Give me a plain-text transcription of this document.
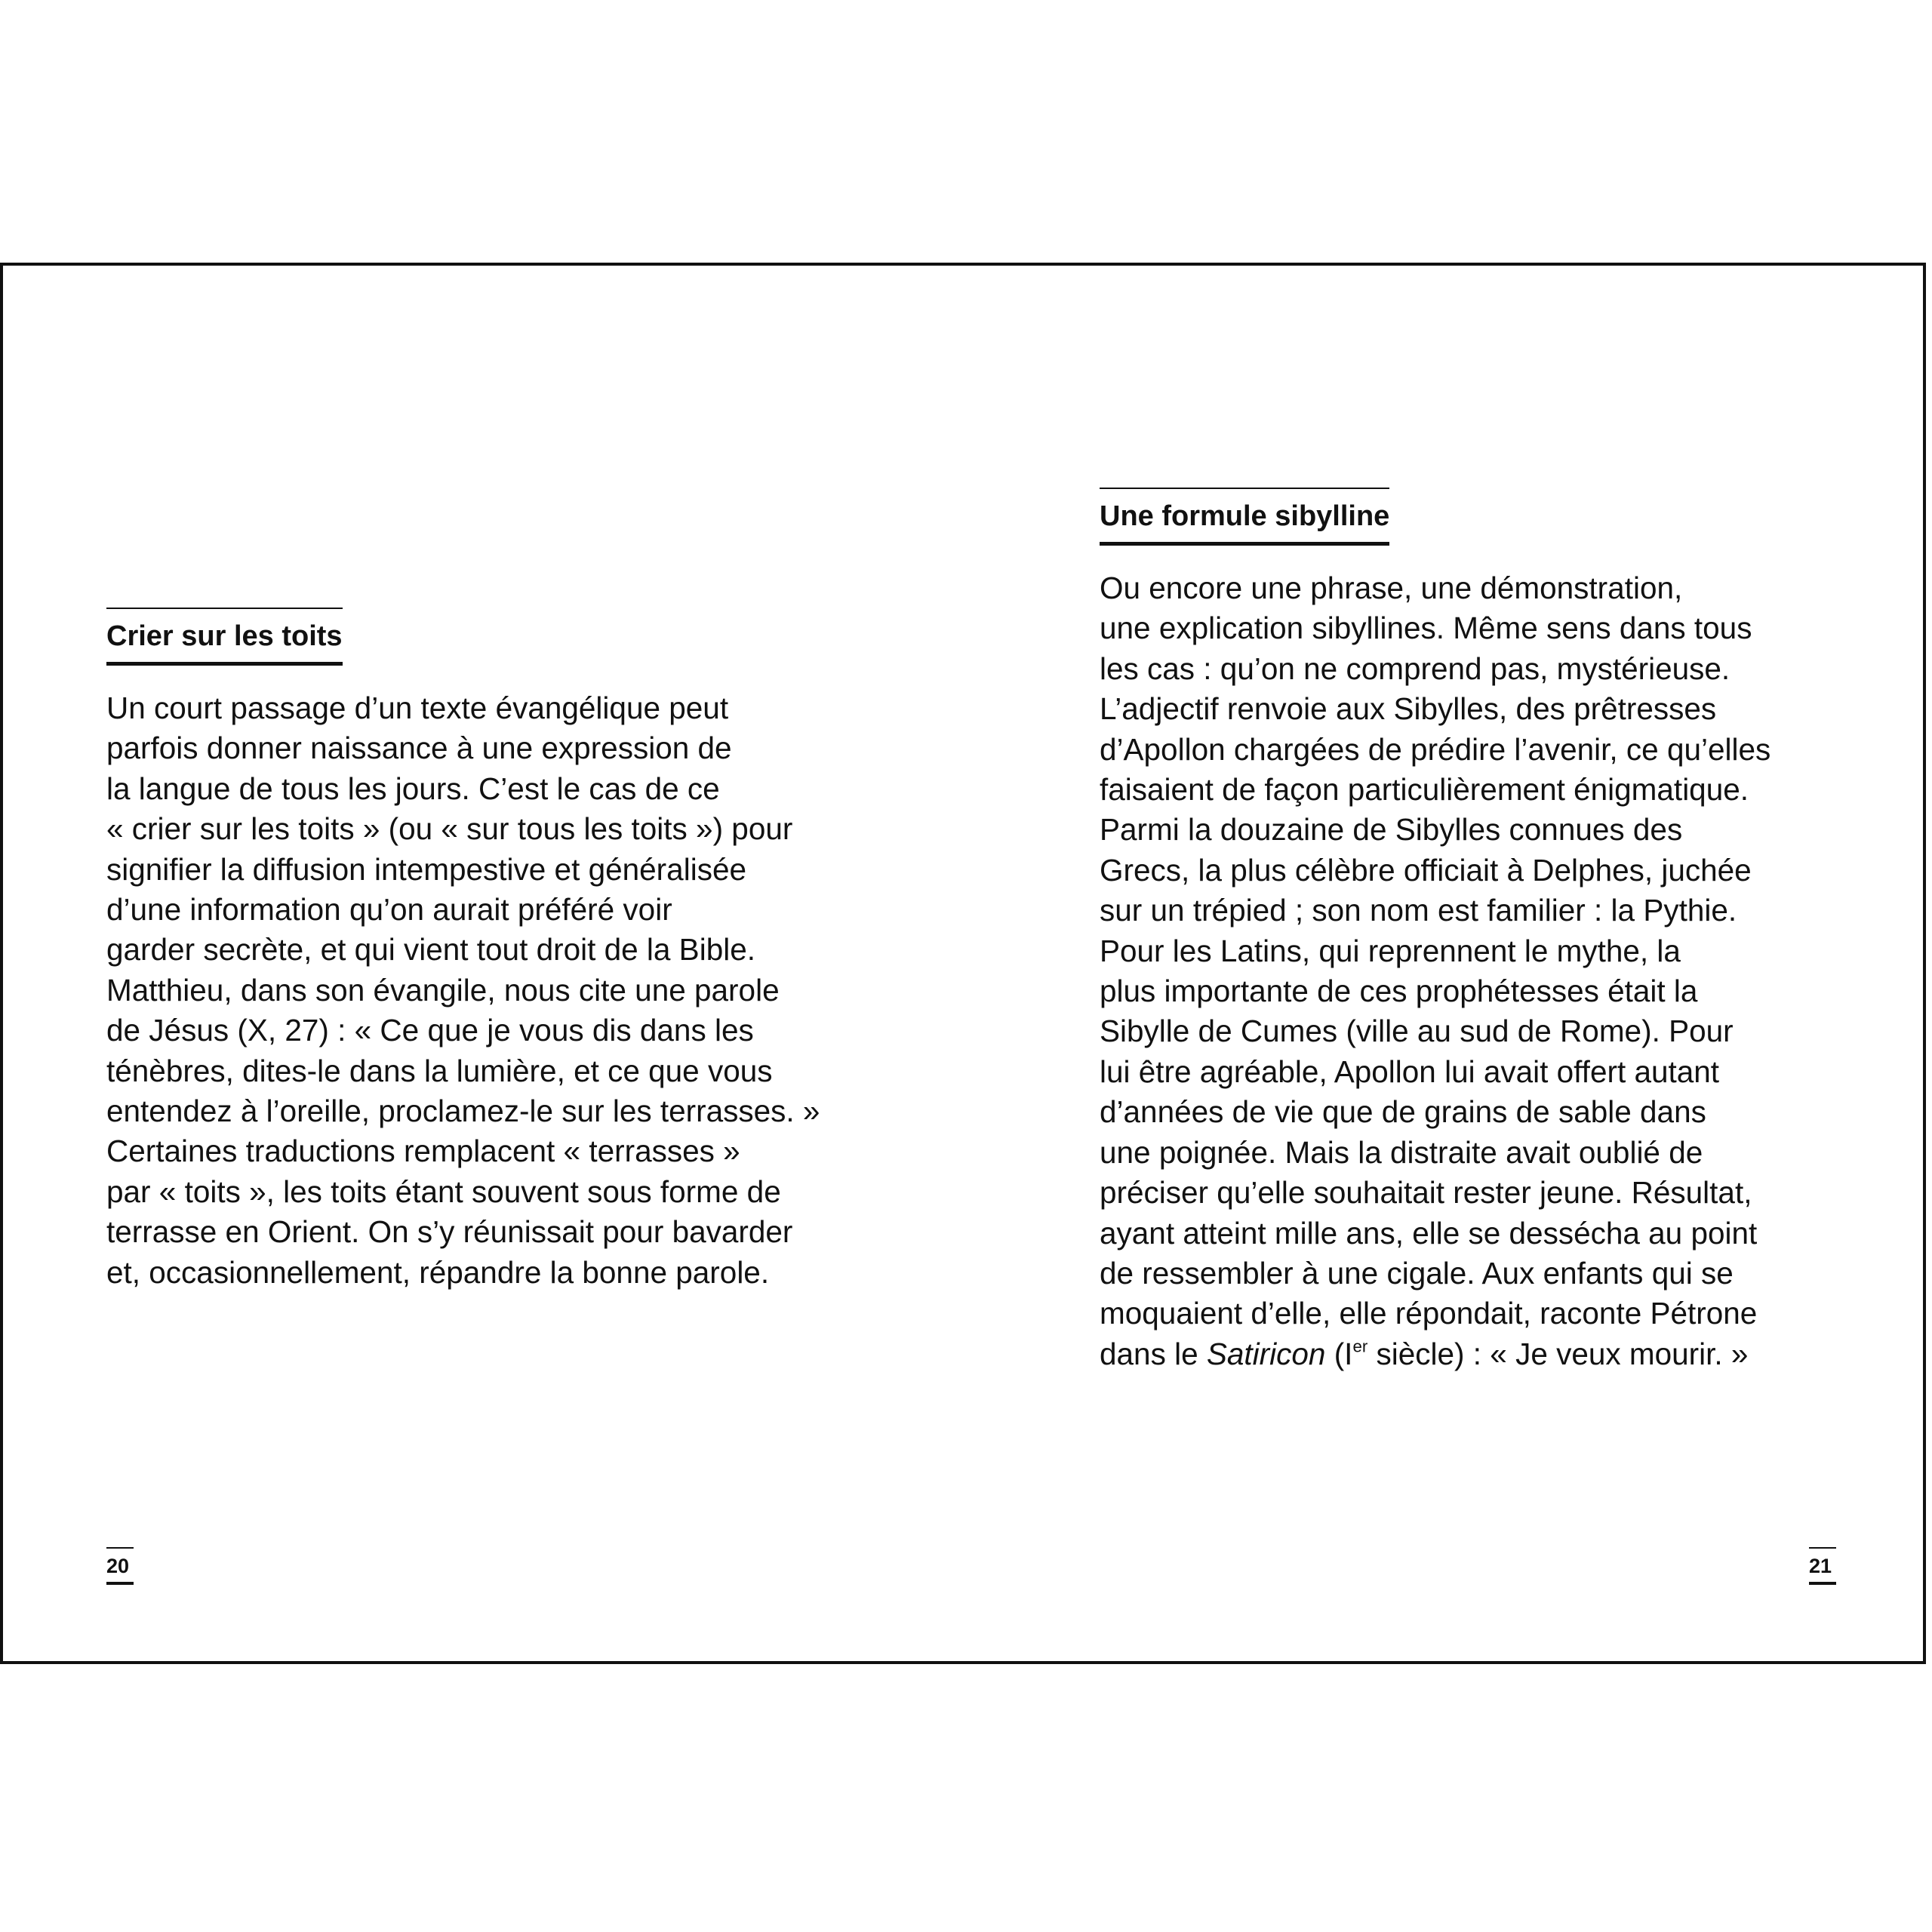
Crier sur les toits
Un court passage d’un texte évangélique peut
parfois donner naissance à une expression de
la langue de tous les jours. C’est le cas de ce
« crier sur les toits » (ou « sur tous les toits ») pour
signifier la diffusion intempestive et généralisée
d’une information qu’on aurait préféré voir
garder secrète, et qui vient tout droit de la Bible.
Matthieu, dans son évangile, nous cite une parole
de Jésus (X, 27) : « Ce que je vous dis dans les
ténèbres, dites-le dans la lumière, et ce que vous
entendez à l’oreille, proclamez-le sur les terrasses. »
Certaines traductions remplacent « terrasses »
par « toits », les toits étant souvent sous forme de
terrasse en Orient. On s’y réunissait pour bavarder
et, occasionnellement, répandre la bonne parole.
20
Une formule sibylline
Ou encore une phrase, une démonstration,
une explication sibyllines. Même sens dans tous
les cas : qu’on ne comprend pas, mystérieuse.
L’adjectif renvoie aux Sibylles, des prêtresses
d’Apollon chargées de prédire l’avenir, ce qu’elles
faisaient de façon particulièrement énigmatique.
Parmi la douzaine de Sibylles connues des
Grecs, la plus célèbre officiait à Delphes, juchée
sur un trépied ; son nom est familier : la Pythie.
Pour les Latins, qui reprennent le mythe, la
plus importante de ces prophétesses était la
Sibylle de Cumes (ville au sud de Rome). Pour
lui être agréable, Apollon lui avait offert autant
d’années de vie que de grains de sable dans
une poignée. Mais la distraite avait oublié de
préciser qu’elle souhaitait rester jeune. Résultat,
ayant atteint mille ans, elle se dessécha au point
de ressembler à une cigale. Aux enfants qui se
moquaient d’elle, elle répondait, raconte Pétrone
dans le Satiricon (Ier siècle) : « Je veux mourir. »
21
